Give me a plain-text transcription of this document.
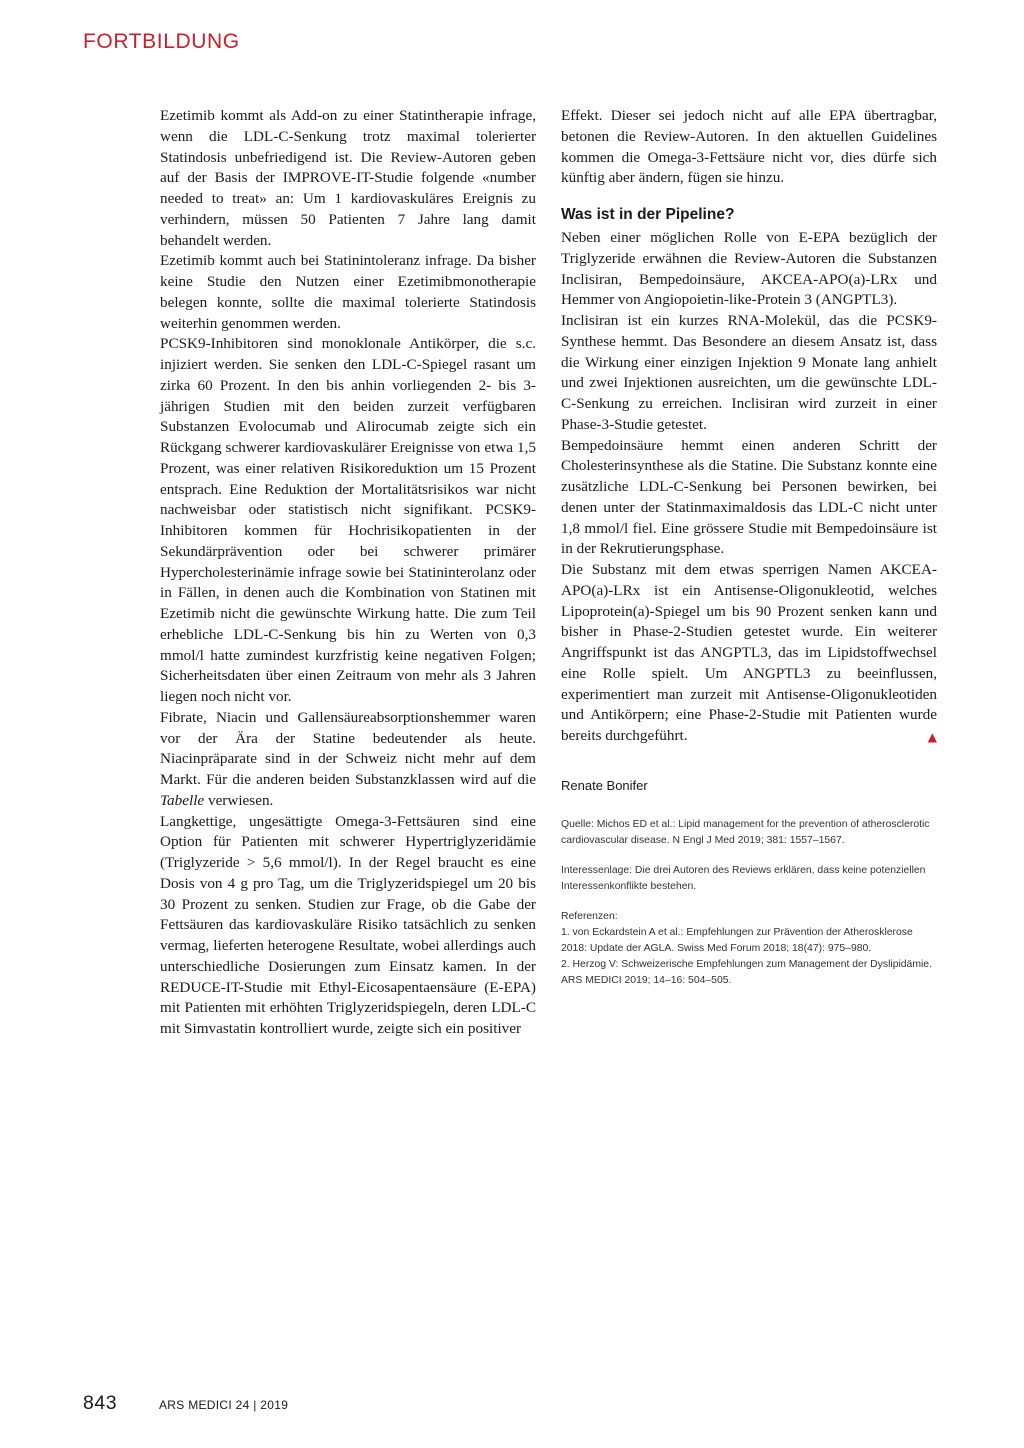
FORTBILDUNG

Ezetimib kommt als Add-on zu einer Statintherapie infrage, wenn die LDL-C-Senkung trotz maximal tolerierter Statindosis unbefriedigend ist. Die Review-Autoren geben auf der Basis der IMPROVE-IT-Studie folgende «number needed to treat» an: Um 1 kardiovaskuläres Ereignis zu verhindern, müssen 50 Patienten 7 Jahre lang damit behandelt werden.

Ezetimib kommt auch bei Statinintoleranz infrage. Da bisher keine Studie den Nutzen einer Ezetimibmonotherapie belegen konnte, sollte die maximal tolerierte Statindosis weiterhin genommen werden.

PCSK9-Inhibitoren sind monoklonale Antikörper, die s.c. injiziert werden. Sie senken den LDL-C-Spiegel rasant um zirka 60 Prozent. In den bis anhin vorliegenden 2- bis 3-jährigen Studien mit den beiden zurzeit verfügbaren Substanzen Evolocumab und Alirocumab zeigte sich ein Rückgang schwerer kardiovaskulärer Ereignisse von etwa 1,5 Prozent, was einer relativen Risikoreduktion um 15 Prozent entsprach. Eine Reduktion der Mortalitätsrisikos war nicht nachweisbar oder statistisch nicht signifikant. PCSK9-Inhibitoren kommen für Hochrisikopatienten in der Sekundärprävention oder bei schwerer primärer Hypercholesterinämie infrage sowie bei Statininterolanz oder in Fällen, in denen auch die Kombination von Statinen mit Ezetimib nicht die gewünschte Wirkung hatte. Die zum Teil erhebliche LDL-C-Senkung bis hin zu Werten von 0,3 mmol/l hatte zumindest kurzfristig keine negativen Folgen; Sicherheitsdaten über einen Zeitraum von mehr als 3 Jahren liegen noch nicht vor.

Fibrate, Niacin und Gallensäureabsorptionshemmer waren vor der Ära der Statine bedeutender als heute. Niacinpräparate sind in der Schweiz nicht mehr auf dem Markt. Für die anderen beiden Substanzklassen wird auf die Tabelle verwiesen.

Langkettige, ungesättigte Omega-3-Fettsäuren sind eine Option für Patienten mit schwerer Hypertriglyzeridämie (Triglyzeride > 5,6 mmol/l). In der Regel braucht es eine Dosis von 4 g pro Tag, um die Triglyzeridspiegel um 20 bis 30 Prozent zu senken. Studien zur Frage, ob die Gabe der Fettsäuren das kardiovaskuläre Risiko tatsächlich zu senken vermag, lieferten heterogene Resultate, wobei allerdings auch unterschiedliche Dosierungen zum Einsatz kamen. In der REDUCE-IT-Studie mit Ethyl-Eicosapentaensäure (E-EPA) mit Patienten mit erhöhten Triglyzeridspiegeln, deren LDL-C mit Simvastatin kontrolliert wurde, zeigte sich ein positiver

Effekt. Dieser sei jedoch nicht auf alle EPA übertragbar, betonen die Review-Autoren. In den aktuellen Guidelines kommen die Omega-3-Fettsäure nicht vor, dies dürfe sich künftig aber ändern, fügen sie hinzu.

Was ist in der Pipeline?

Neben einer möglichen Rolle von E-EPA bezüglich der Triglyzeride erwähnen die Review-Autoren die Substanzen Inclisiran, Bempedoinsäure, AKCEA-APO(a)-LRx und Hemmer von Angiopoietin-like-Protein 3 (ANGPTL3).

Inclisiran ist ein kurzes RNA-Molekül, das die PCSK9-Synthese hemmt. Das Besondere an diesem Ansatz ist, dass die Wirkung einer einzigen Injektion 9 Monate lang anhielt und zwei Injektionen ausreichten, um die gewünschte LDL-C-Senkung zu erreichen. Inclisiran wird zurzeit in einer Phase-3-Studie getestet.

Bempedoinsäure hemmt einen anderen Schritt der Cholesterinsynthese als die Statine. Die Substanz konnte eine zusätzliche LDL-C-Senkung bei Personen bewirken, bei denen unter der Statinmaximaldosis das LDL-C nicht unter 1,8 mmol/l fiel. Eine grössere Studie mit Bempedoinsäure ist in der Rekrutierungsphase.

Die Substanz mit dem etwas sperrigen Namen AKCEA-APO(a)-LRx ist ein Antisense-Oligonukleotid, welches Lipoprotein(a)-Spiegel um bis 90 Prozent senken kann und bisher in Phase-2-Studien getestet wurde. Ein weiterer Angriffspunkt ist das ANGPTL3, das im Lipidstoffwechsel eine Rolle spielt. Um ANGPTL3 zu beeinflussen, experimentiert man zurzeit mit Antisense-Oligonukleotiden und Antikörpern; eine Phase-2-Studie mit Patienten wurde bereits durchgeführt.	▲

Renate Bonifer

Quelle: Michos ED et al.: Lipid management for the prevention of atherosclerotic cardiovascular disease. N Engl J Med 2019; 381: 1557–1567.

Interessenlage: Die drei Autoren des Reviews erklären, dass keine potenziellen Interessenkonflikte bestehen.

Referenzen:

1. von Eckardstein A et al.: Empfehlungen zur Prävention der Atherosklerose 2018: Update der AGLA. Swiss Med Forum 2018; 18(47): 975–980.

2. Herzog V: Schweizerische Empfehlungen zum Management der Dyslipidämie. ARS MEDICI 2019; 14–16: 504–505.

843	ARS MEDICI 24 | 2019
